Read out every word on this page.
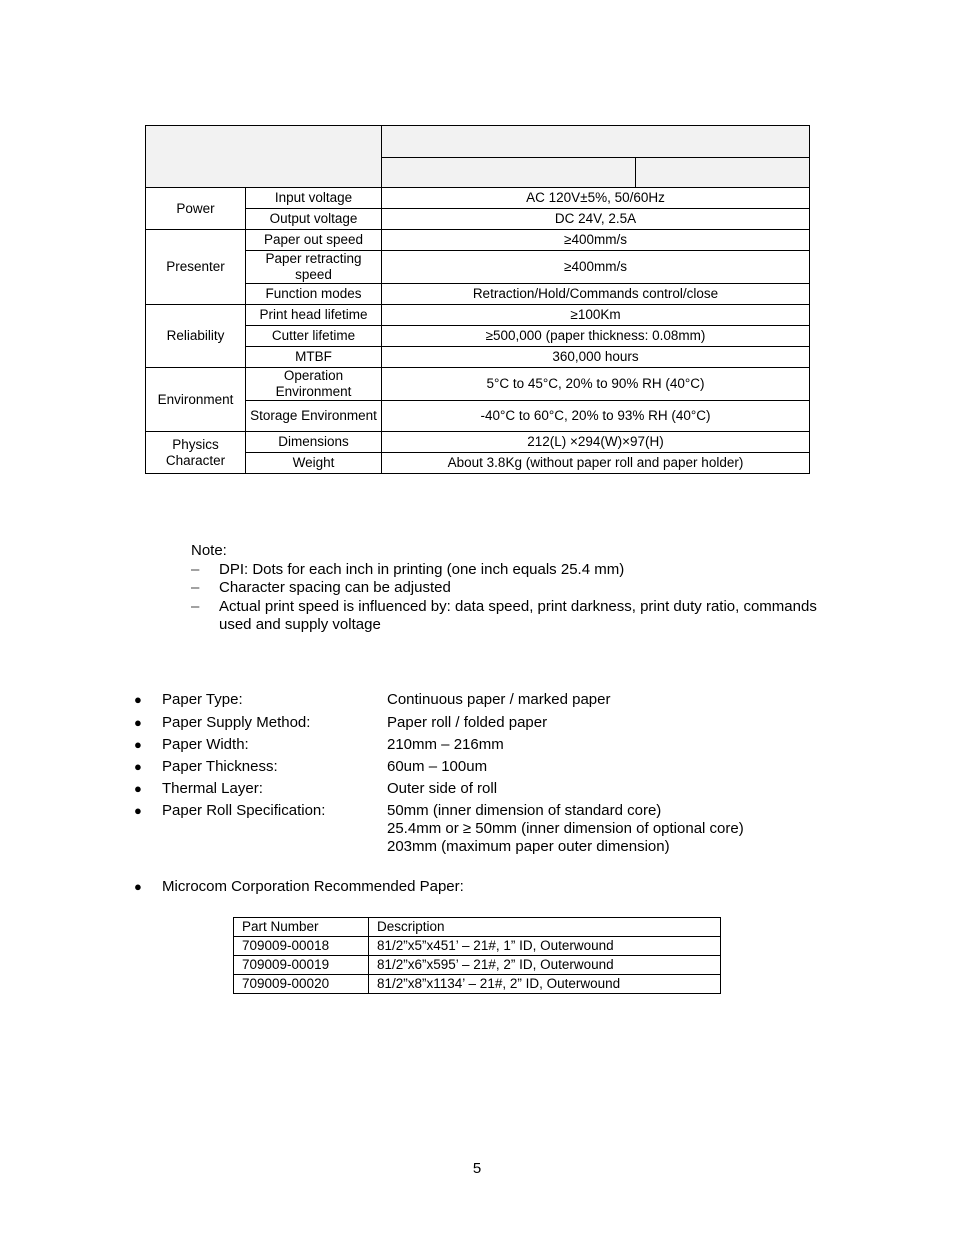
Power	Input voltage	AC 120V±5%, 50/60Hz	
	Output voltage	DC 24V, 2.5A	
Presenter	Paper out speed	≥400mm/s	
	Paper retracting speed	≥400mm/s	
	Function modes	Retraction/Hold/Commands control/close	
Reliability	Print head lifetime	≥100Km	
	Cutter lifetime	≥500,000 (paper thickness: 0.08mm)	
	MTBF	360,000 hours	
Environment	Operation Environment	5°C to 45°C, 20% to 90% RH (40°C)	
	Storage Environment	-40°C to 60°C, 20% to 93% RH (40°C)	
Physics Character	Dimensions	212(L) ×294(W)×97(H)	
	Weight	About 3.8Kg (without paper roll and paper holder)	
Note:
–	DPI: Dots for each inch in printing (one inch equals 25.4 mm)
–	Character spacing can be adjusted
–	Actual print speed is influenced by: data speed, print darkness, print duty ratio, commands used and supply voltage
●	Paper Type:	Continuous paper / marked paper
●	Paper Supply Method:	Paper roll / folded paper
●	Paper Width:	210mm – 216mm
●	Paper Thickness:	60um – 100um
●	Thermal Layer:	Outer side of roll
●	Paper Roll Specification:	50mm (inner dimension of standard core)
25.4mm or ≥ 50mm (inner dimension of optional core)
203mm (maximum paper outer dimension)
●	Microcom Corporation Recommended Paper:
Part Number	Description
709009-00018	81/2”x5”x451’ – 21#, 1” ID, Outerwound
709009-00019	81/2”x6”x595’ – 21#, 2” ID, Outerwound
709009-00020	81/2”x8”x1134’ – 21#, 2” ID, Outerwound
5
